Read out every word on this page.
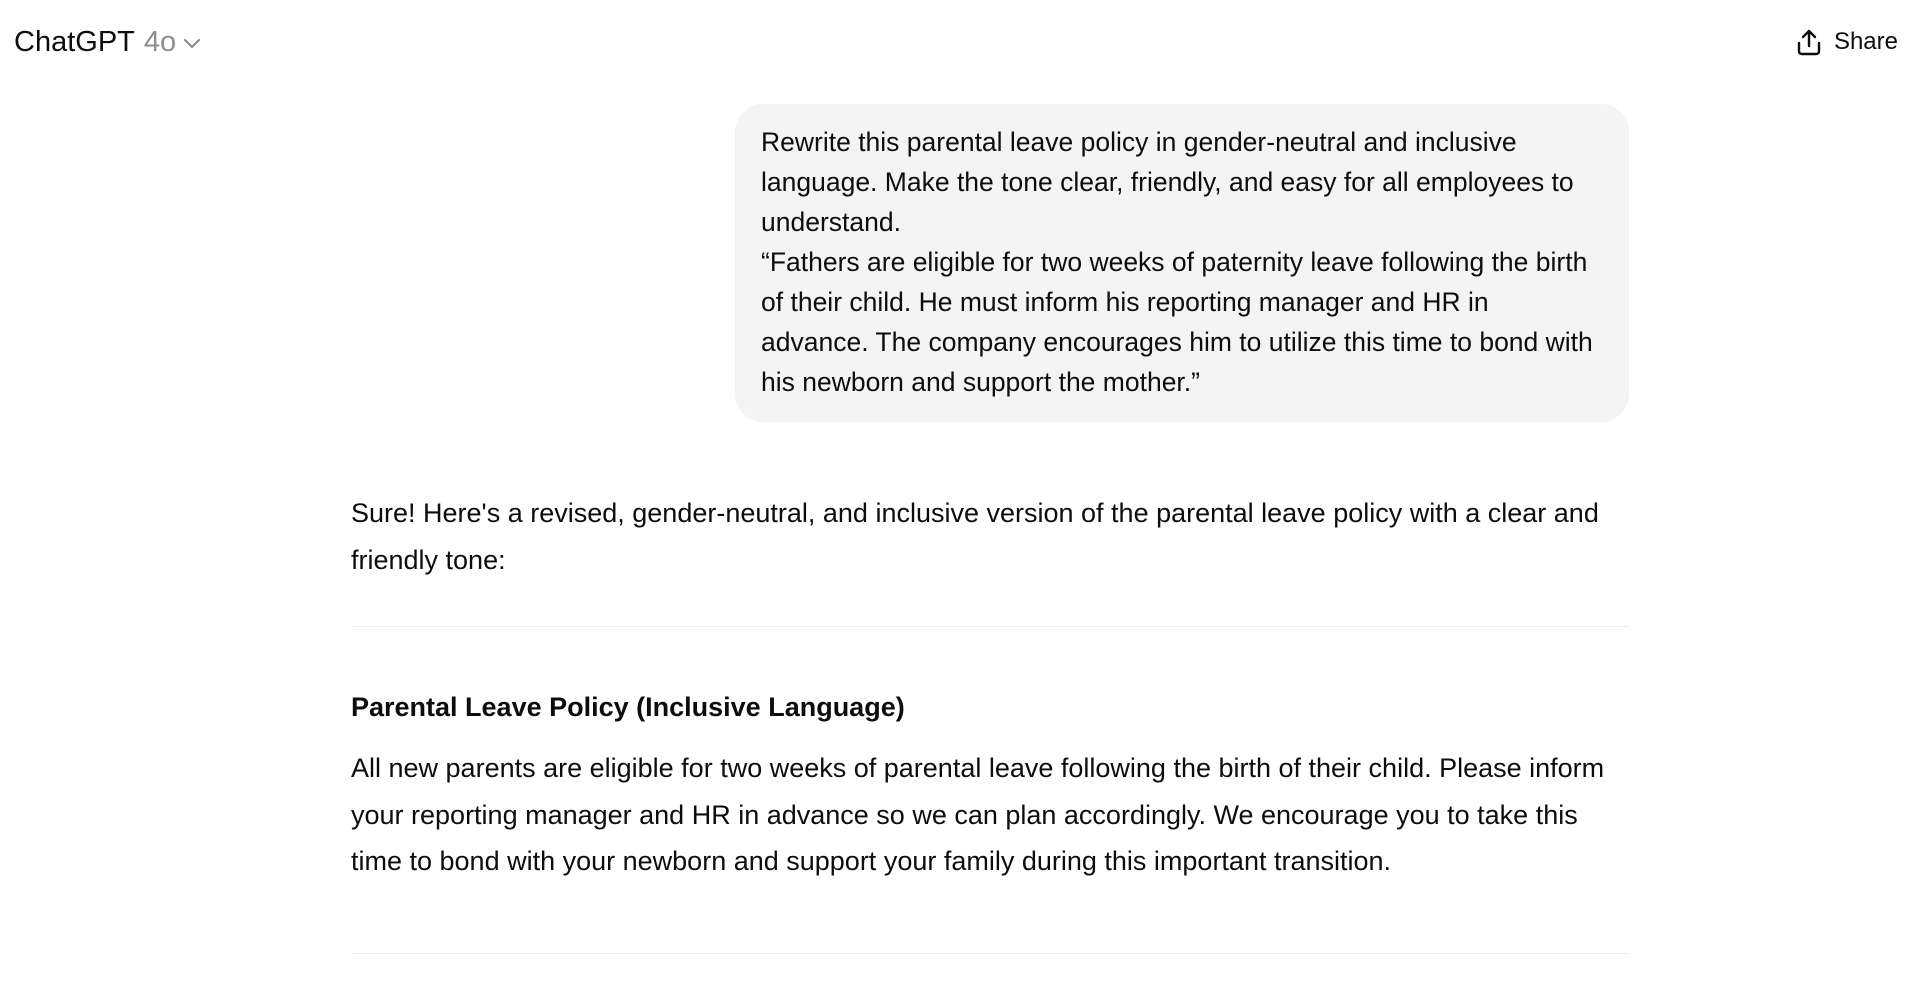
ChatGPT 4o	Share

Rewrite this parental leave policy in gender-neutral and inclusive language. Make the tone clear, friendly, and easy for all employees to understand.

“Fathers are eligible for two weeks of paternity leave following the birth of their child. He must inform his reporting manager and HR in advance. The company encourages him to utilize this time to bond with his newborn and support the mother.”

Sure! Here's a revised, gender-neutral, and inclusive version of the parental leave policy with a clear and friendly tone:

Parental Leave Policy (Inclusive Language)

All new parents are eligible for two weeks of parental leave following the birth of their child. Please inform your reporting manager and HR in advance so we can plan accordingly. We encourage you to take this time to bond with your newborn and support your family during this important transition.
